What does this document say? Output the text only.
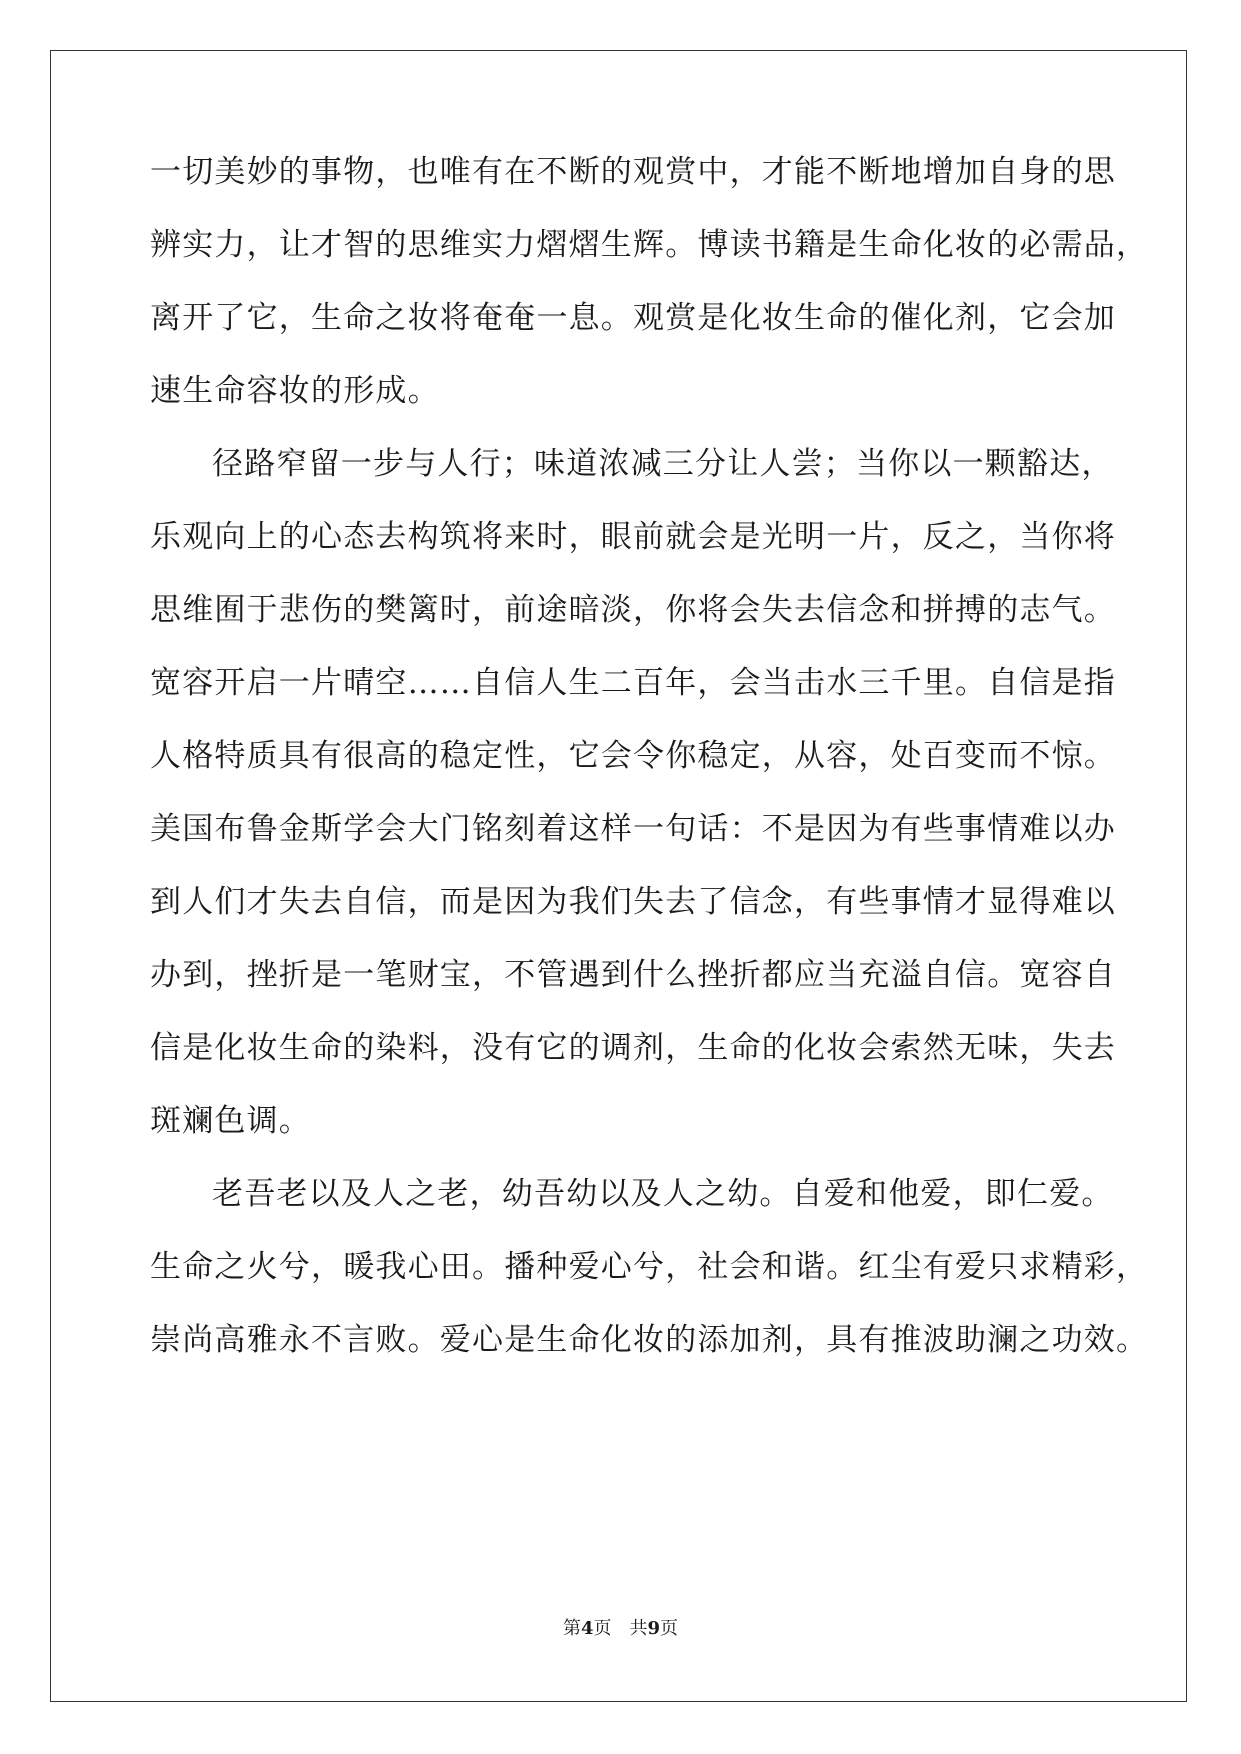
一切美妙的事物，也唯有在不断的观赏中，才能不断地增加自身的思
辨实力，让才智的思维实力熠熠生辉。博读书籍是生命化妆的必需品，
离开了它，生命之妆将奄奄一息。观赏是化妆生命的催化剂，它会加
速生命容妆的形成。
径路窄留一步与人行；味道浓减三分让人尝；当你以一颗豁达，
乐观向上的心态去构筑将来时，眼前就会是光明一片，反之，当你将
思维囿于悲伤的樊篱时，前途暗淡，你将会失去信念和拼搏的志气。
宽容开启一片晴空……自信人生二百年，会当击水三千里。自信是指
人格特质具有很高的稳定性，它会令你稳定，从容，处百变而不惊。
美国布鲁金斯学会大门铭刻着这样一句话：不是因为有些事情难以办
到人们才失去自信，而是因为我们失去了信念，有些事情才显得难以
办到，挫折是一笔财宝，不管遇到什么挫折都应当充溢自信。宽容自
信是化妆生命的染料，没有它的调剂，生命的化妆会索然无味，失去
斑斓色调。
老吾老以及人之老，幼吾幼以及人之幼。自爱和他爱，即仁爱。
生命之火兮，暖我心田。播种爱心兮，社会和谐。红尘有爱只求精彩，
崇尚高雅永不言败。爱心是生命化妆的添加剂，具有推波助澜之功效。
第4页 共9页
